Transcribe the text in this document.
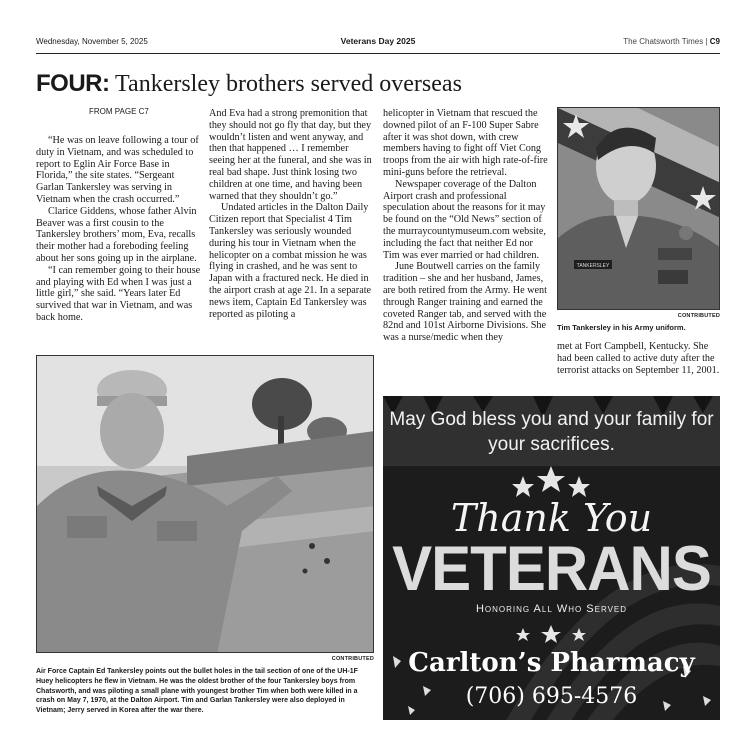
Wednesday, November 5, 2025	Veterans Day 2025	The Chatsworth Times | C9
FOUR: Tankersley brothers served overseas
FROM PAGE C7

“He was on leave following a tour of duty in Vietnam, and was scheduled to report to Eglin Air Force Base in Florida,” the site states. “Sergeant Garlan Tankersley was serving in Vietnam when the crash occurred.”

Clarice Giddens, whose father Alvin Beaver was a first cousin to the Tankersley brothers’ mom, Eva, recalls their mother had a foreboding feeling about her sons going up in the airplane.

“I can remember going to their house and playing with Ed when I was just a little girl,” she said. “Years later Ed survived that war in Vietnam, and was back home.

And Eva had a strong premonition that they should not go fly that day, but they wouldn’t listen and went anyway, and then that happened … I remember seeing her at the funeral, and she was in real bad shape. Just think losing two children at one time, and having been warned that they shouldn’t go.”

Undated articles in the Dalton Daily Citizen report that Specialist 4 Tim Tankersley was seriously wounded during his tour in Vietnam when the helicopter on a combat mission he was flying in crashed, and he was sent to Japan with a fractured neck. He died in the airport crash at age 21. In a separate news item, Captain Ed Tankersley was reported as piloting a

helicopter in Vietnam that rescued the downed pilot of an F-100 Super Sabre after it was shot down, with crew members having to fight off Viet Cong troops from the air with high rate-of-fire mini-guns before the retrieval.

Newspaper coverage of the Dalton Airport crash and professional speculation about the reasons for it may be found on the “Old News” section of the murraycountymuseum.com website, including the fact that neither Ed nor Tim was ever married or had children.

June Boutwell carries on the family tradition – she and her husband, James, are both retired from the Army. He went through Ranger training and earned the coveted Ranger tab, and served with the 82nd and 101st Airborne Divisions. She was a nurse/medic when they

TANKERSLEY
CONTRIBUTED
Tim Tankersley in his Army uniform.

met at Fort Campbell, Kentucky. She had been called to active duty after the terrorist attacks on September 11, 2001.

CONTRIBUTED
Air Force Captain Ed Tankersley points out the bullet holes in the tail section of one of the UH-1F Huey helicopters he flew in Vietnam. He was the oldest brother of the four Tankersley boys from Chatsworth, and was piloting a small plane with youngest brother Tim when both were killed in a crash on May 7, 1970, at the Dalton Airport. Tim and Garlan Tankersley were also deployed in Vietnam; Jerry served in Korea after the war there.
May God bless you and your family for your sacrifices.
Thank You
VETERANS
Honoring All Who Served
Carlton’s Pharmacy
(706) 695-4576
